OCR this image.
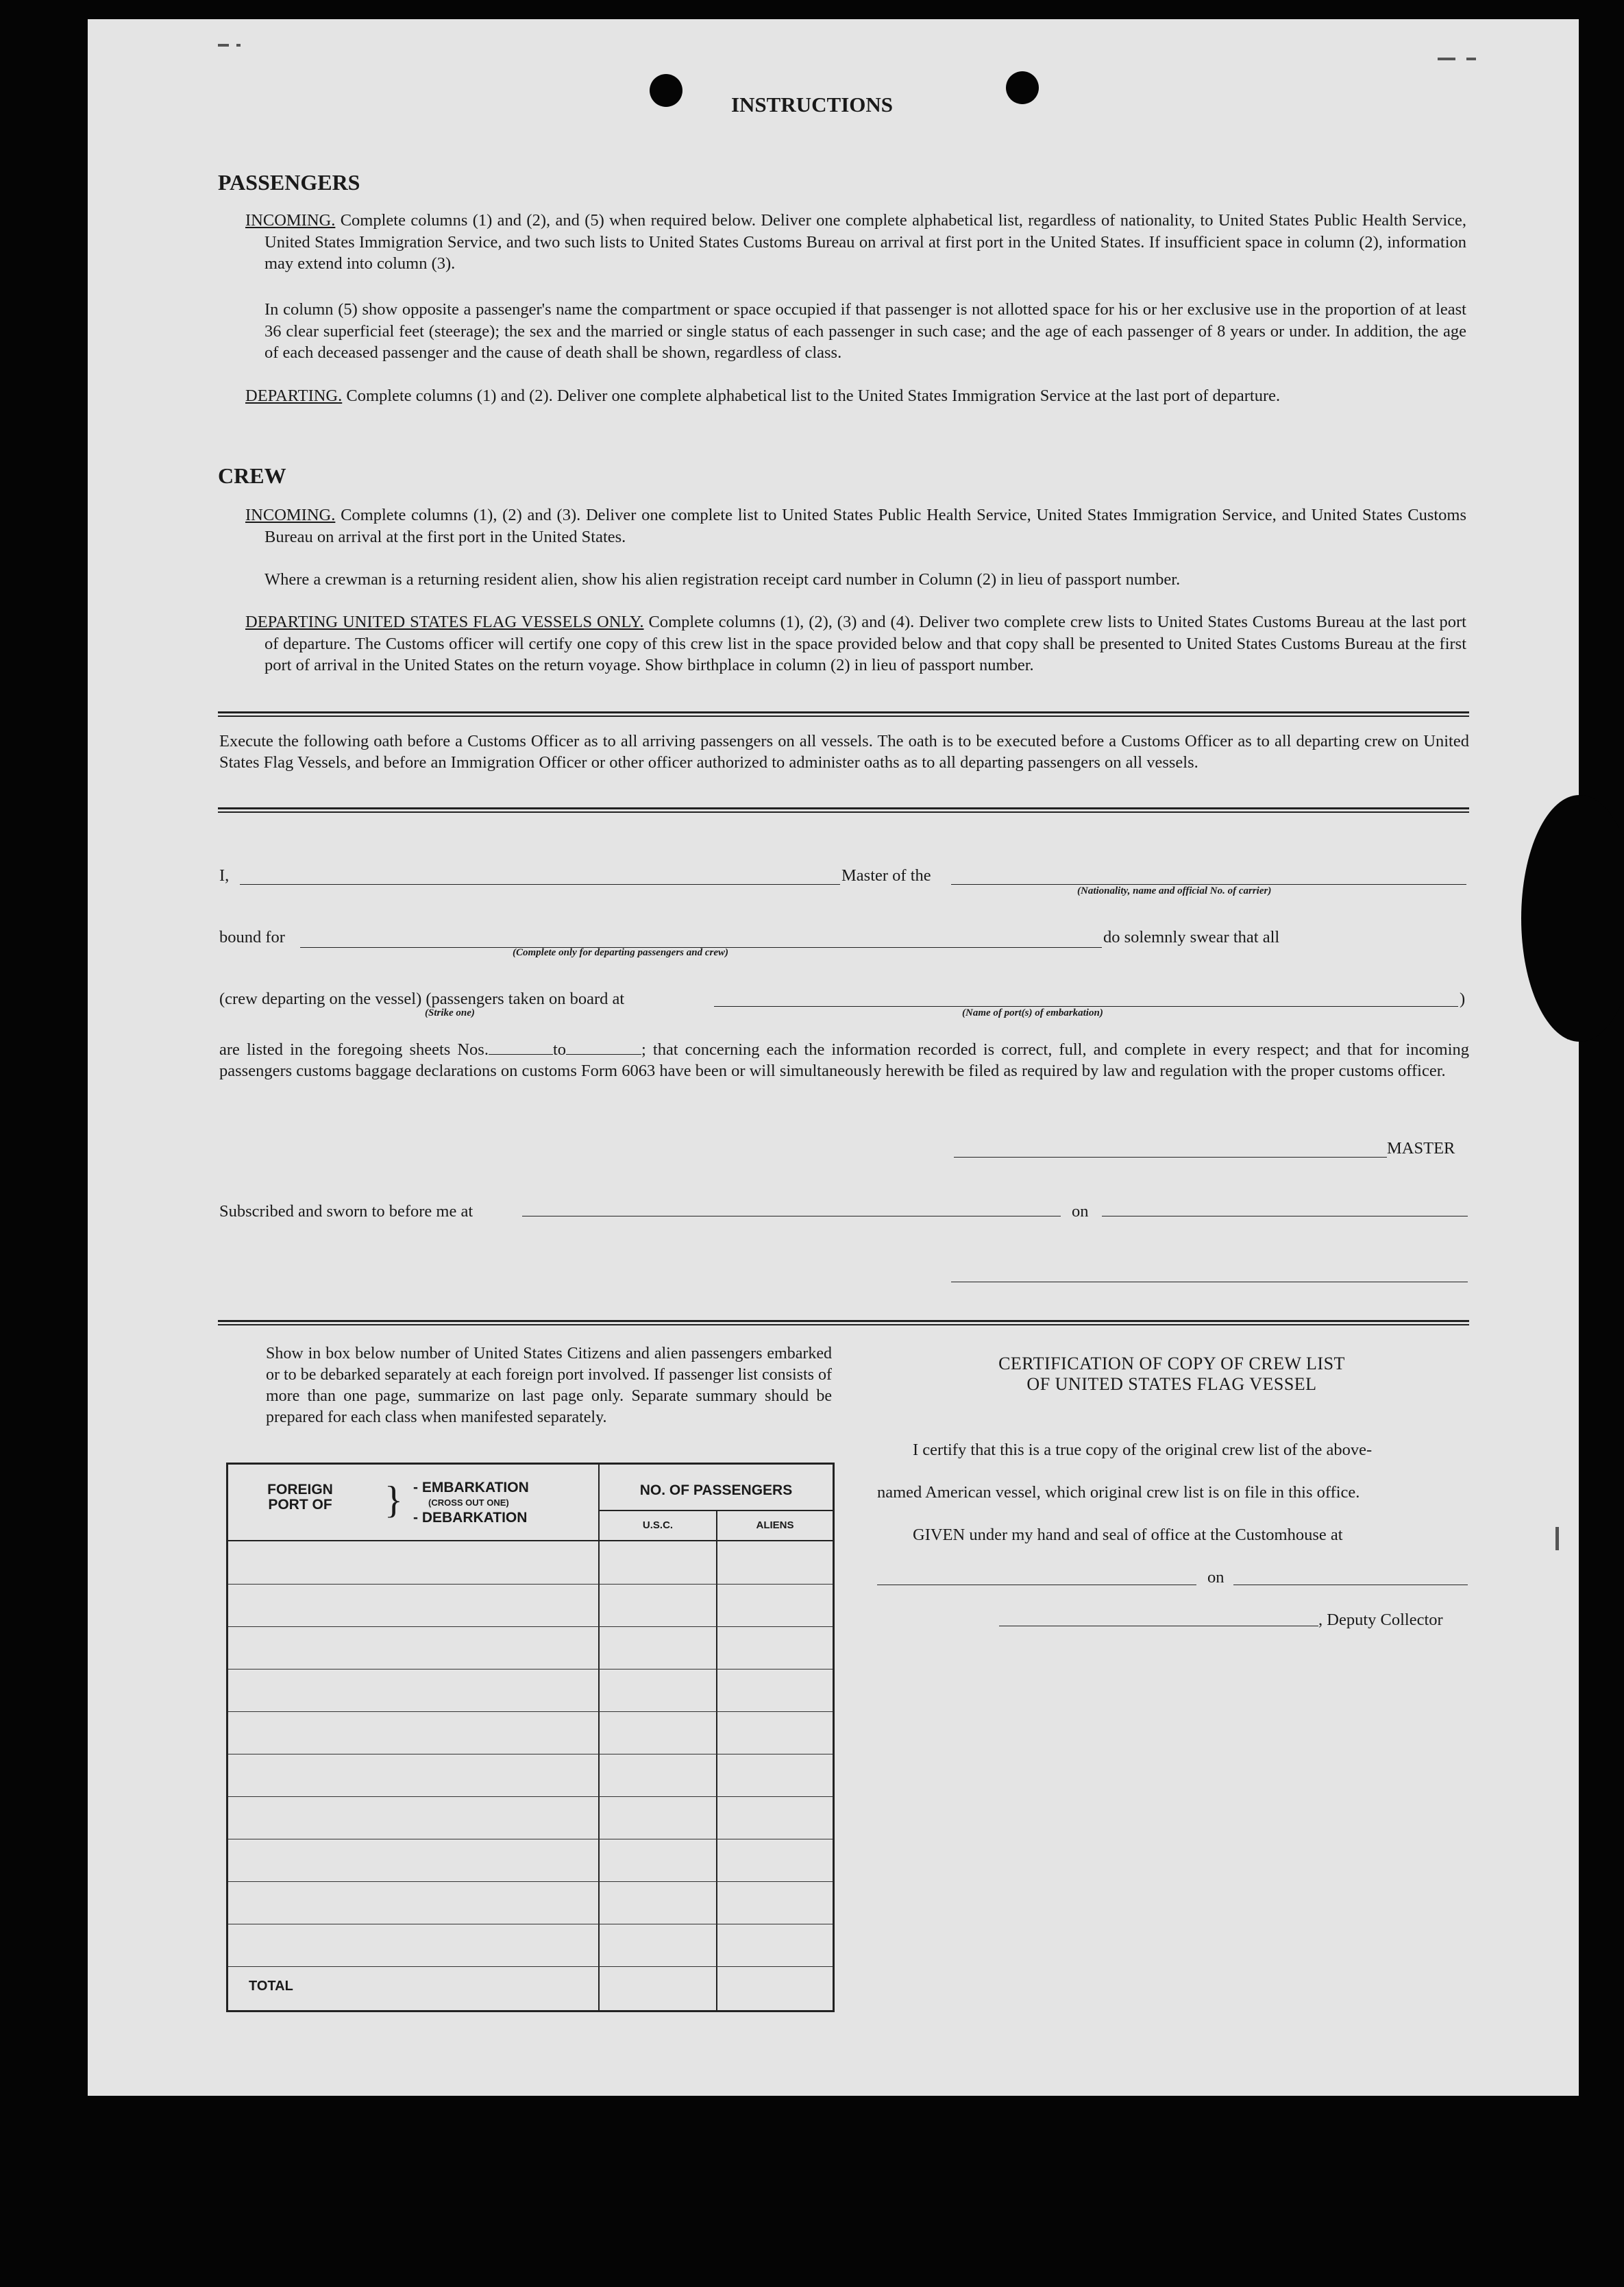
INSTRUCTIONS
PASSENGERS
INCOMING. Complete columns (1) and (2), and (5) when required below. Deliver one complete alphabetical list, regardless of nationality, to United States Public Health Service, United States Immigration Service, and two such lists to United States Customs Bureau on arrival at first port in the United States. If insufficient space in column (2), information may extend into column (3).
In column (5) show opposite a passenger's name the compartment or space occupied if that passenger is not allotted space for his or her exclusive use in the proportion of at least 36 clear superficial feet (steerage); the sex and the married or single status of each passenger in such case; and the age of each passenger of 8 years or under. In addition, the age of each deceased passenger and the cause of death shall be shown, regardless of class.
DEPARTING. Complete columns (1) and (2). Deliver one complete alphabetical list to the United States Immigration Service at the last port of departure.
CREW
INCOMING. Complete columns (1), (2) and (3). Deliver one complete list to United States Public Health Service, United States Immigration Service, and United States Customs Bureau on arrival at the first port in the United States.
Where a crewman is a returning resident alien, show his alien registration receipt card number in Column (2) in lieu of passport number.
DEPARTING UNITED STATES FLAG VESSELS ONLY. Complete columns (1), (2), (3) and (4). Deliver two complete crew lists to United States Customs Bureau at the last port of departure. The Customs officer will certify one copy of this crew list in the space provided below and that copy shall be presented to United States Customs Bureau at the first port of arrival in the United States on the return voyage. Show birthplace in column (2) in lieu of passport number.
Execute the following oath before a Customs Officer as to all arriving passengers on all vessels. The oath is to be executed before a Customs Officer as to all departing crew on United States Flag Vessels, and before an Immigration Officer or other officer authorized to administer oaths as to all departing passengers on all vessels.
I,	Master of the
(Nationality, name and official No. of carrier)
bound for
(Complete only for departing passengers and crew)
do solemnly swear that all
(crew departing on the vessel) (passengers taken on board at
(Strike one)	(Name of port(s) of embarkation)
)
are listed in the foregoing sheets Nos.	to	; that concerning each the information recorded is correct, full, and complete in every respect; and that for incoming passengers customs baggage declarations on customs Form 6063 have been or will simultaneously herewith be filed as required by law and regulation with the proper customs officer.
MASTER
Subscribed and sworn to before me at	on
Show in box below number of United States Citizens and alien passengers embarked or to be debarked separately at each foreign port involved. If passenger list consists of more than one page, summarize on last page only. Separate summary should be prepared for each class when manifested separately.
FOREIGN PORT OF	} - EMBARKATION
(CROSS OUT ONE)
- DEBARKATION
NO. OF PASSENGERS
U.S.C.	ALIENS
TOTAL
CERTIFICATION OF COPY OF CREW LIST
OF UNITED STATES FLAG VESSEL
I certify that this is a true copy of the original crew list of the above-
named American vessel, which original crew list is on file in this office.
GIVEN under my hand and seal of office at the Customhouse at
on
, Deputy Collector
